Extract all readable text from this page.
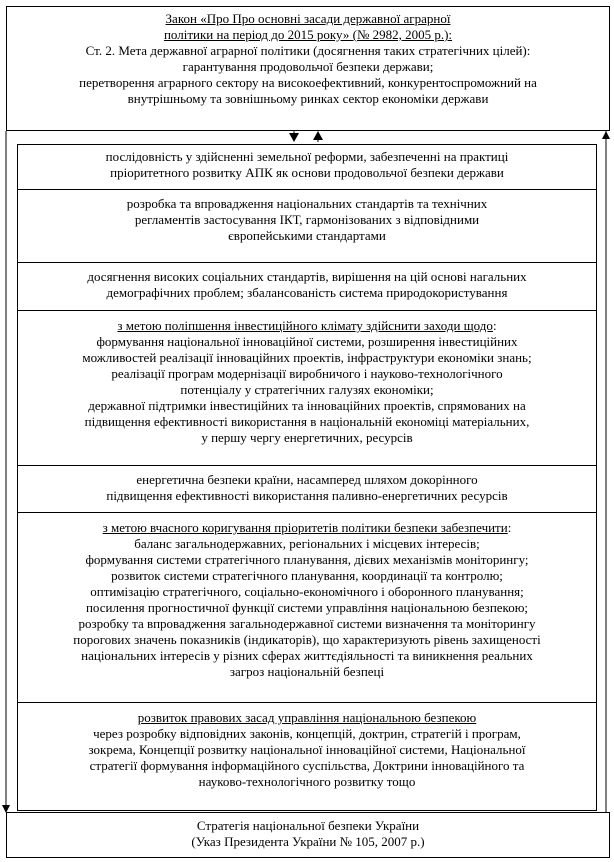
Закон «Про Про основні засади державної аграрної
політики на період до 2015 року» (№ 2982, 2005 р.):
Ст. 2. Мета державної аграрної політики (досягнення таких стратегічних цілей):
гарантування продовольчої безпеки держави;
перетворення аграрного сектору на високоефективний, конкурентоспроможний на
внутрішньому та зовнішньому ринках сектор економіки держави
послідовність у здійсненні земельної реформи, забезпеченні на практиці
пріоритетного розвитку АПК як основи продовольчої безпеки держави
розробка та впровадження національних стандартів та технічних
регламентів застосування ІКТ, гармонізованих з відповідними
європейськими стандартами
досягнення високих соціальних стандартів, вирішення на цій основі нагальних
демографічних проблем; збалансованість система природокористування
з метою поліпшення інвестиційного клімату здійснити заходи щодо:
формування національної інноваційної системи, розширення інвестиційних
можливостей реалізації інноваційних проектів, інфраструктури економіки знань;
реалізації програм модернізації виробничого і науково-технологічного
потенціалу у стратегічних галузях економіки;
державної підтримки інвестиційних та інноваційних проектів, спрямованих на
підвищення ефективності використання в національній економіці матеріальних,
у першу чергу енергетичних, ресурсів
енергетична безпеки країни, насамперед шляхом докорінного
підвищення ефективності використання паливно-енергетичних ресурсів
з метою вчасного коригування пріоритетів політики безпеки забезпечити:
баланс загальнодержавних, регіональних і місцевих інтересів;
формування системи стратегічного планування, дієвих механізмів моніторингу;
розвиток системи стратегічного планування, координації та контролю;
оптимізацію стратегічного, соціально-економічного і оборонного планування;
посилення прогностичної функції системи управління національною безпекою;
розробку та впровадження загальнодержавної системи визначення та моніторингу
порогових значень показників (індикаторів), що характеризують рівень захищеності
національних інтересів у різних сферах життєдіяльності та виникнення реальних
загроз національній безпеці
розвиток правових засад управління національною безпекою
через розробку відповідних законів, концепцій, доктрин, стратегій і програм,
зокрема, Концепції розвитку національної інноваційної системи, Національної
стратегії формування інформаційного суспільства, Доктрини інноваційного та
науково-технологічного розвитку тощо
Стратегія національної безпеки України
(Указ Президента України № 105, 2007 р.)
